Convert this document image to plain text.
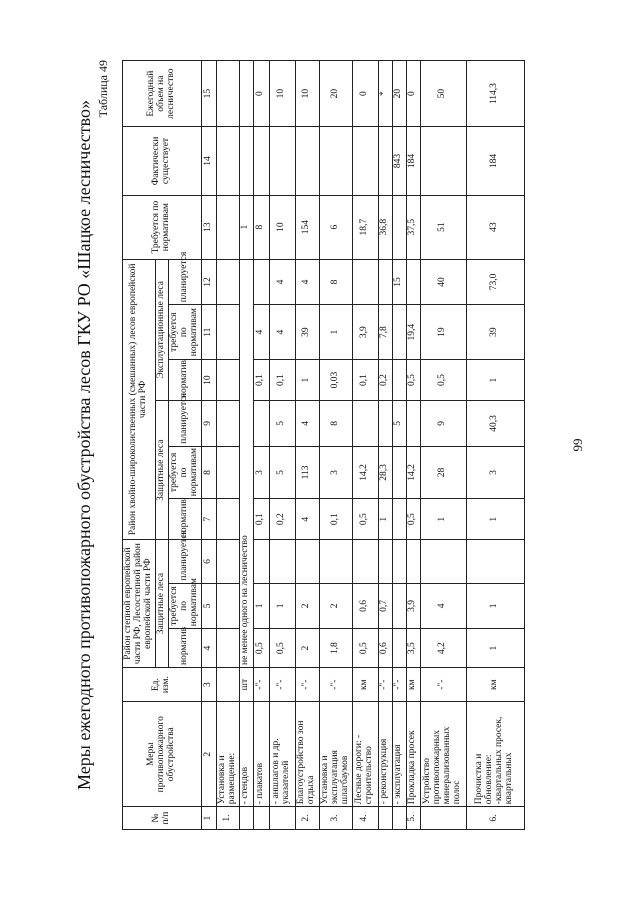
Меры ежегодного противопожарного обустройства лесов ГКУ РО «Шацкое лесничество»
Таблица 49
№ п/п	Меры противопожарного обустройства	Ед. изм.	Район степной европейской части РФ, Лесостепной район европейской части РФ			Район хвойно-широколиственных (смешанных) лесов европейской части РФ						Требуется по нормативам	Фактически существует	Ежегодный объем на лесничество
			Защитные леса			Защитные леса			Эксплуатационные леса					
			норматив	требуется по нормативам	планируется	норматив	требуется по нормативам	планируется	норматив	требуется по нормативам	планируется			
1	2	3	4	5	6	7	8	9	10	11	12	13	14	15
1.	Установка и размещение:													
	- стендов	шт	не менее одного на лесничество									1		
	- плакатов	-"-	0,5	1		0,1	3		0,1	4		8		0
	- аншлагов и др. указателей	-"-	0,5	1		0,2	5	5	0,1	4	4	10		10
2.	Благоустройство зон отдыха	-"-	2	2		4	113	4	1	39	4	154		10
3.	Установка и эксплуатация шлагбаумов	-"-	1,8	2		0,1	3	8	0,03	1	8	6		20
4.	Лесные дороги: - строительство	км	0,5	0,6		0,5	14,2		0,1	3,9		18,7		0
	- реконструкция	-"-	0,6	0,7		1	28,3		0,2	7,8		36,8		*
	- эксплуатация	-"-						5			15		843	20
5.	Прокладка просек	км	3,5	3,9		0,5	14,2		0,5	19,4		37,5	184	0
	Устройство противопожарных минерализованных полос	-"-	4,2	4		1	28	9	0,5	19	40	51		50
6.	Прочистка и обновление: -квартальных просек, квартальных	км	1	1		1	3	40,3	1	39	73,0	43	184	114,3
99
